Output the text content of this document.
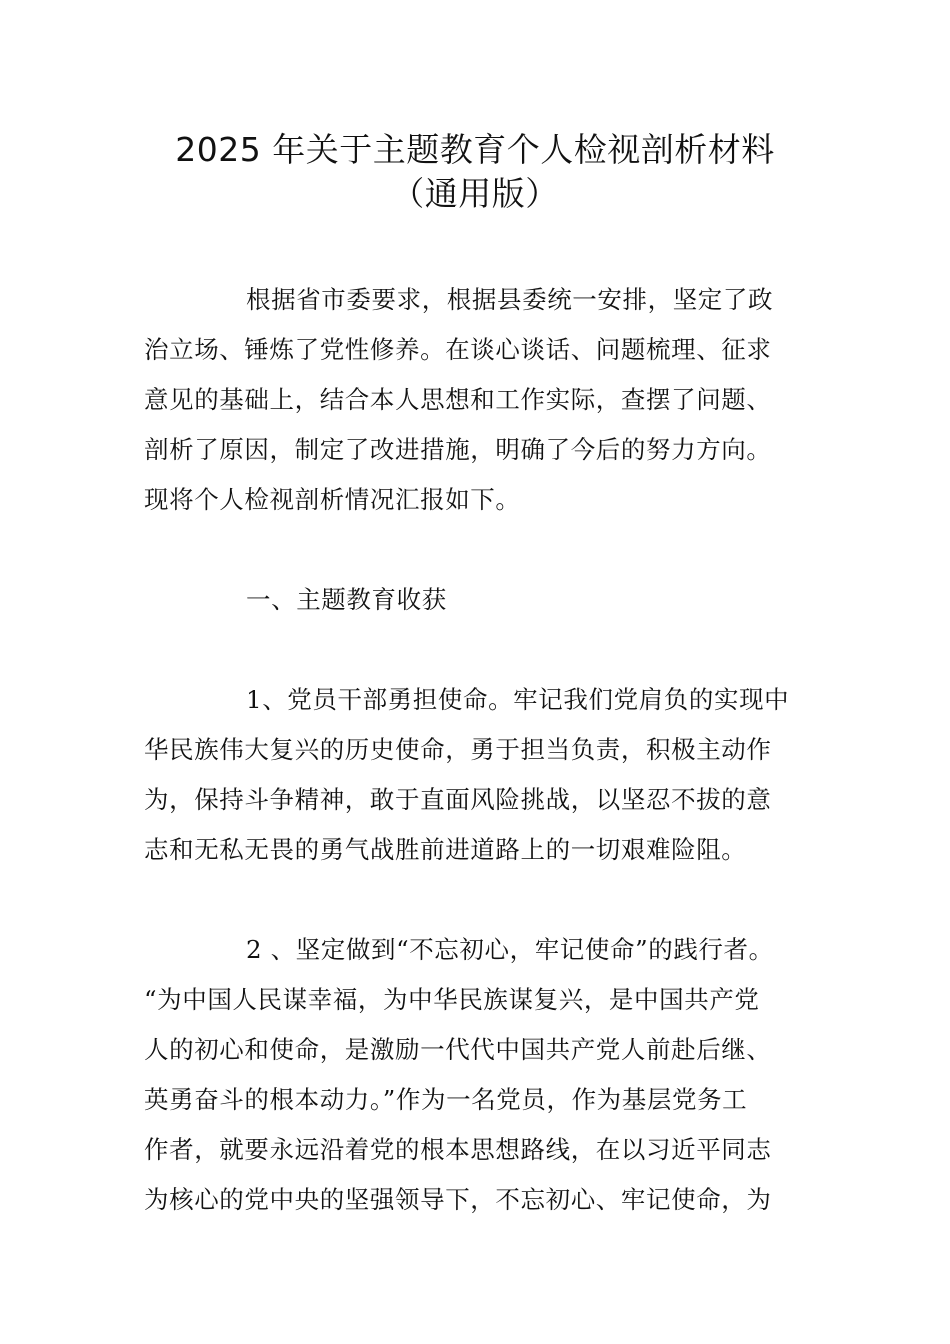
2025 年关于主题教育个人检视剖析材料
（通用版）
根据省市委要求，根据县委统一安排，坚定了政
治立场、锤炼了党性修养。在谈心谈话、问题梳理、征求
意见的基础上，结合本人思想和工作实际，查摆了问题、
剖析了原因，制定了改进措施，明确了今后的努力方向。
现将个人检视剖析情况汇报如下。
一、主题教育收获
1、党员干部勇担使命。牢记我们党肩负的实现中
华民族伟大复兴的历史使命，勇于担当负责，积极主动作
为，保持斗争精神，敢于直面风险挑战，以坚忍不拔的意
志和无私无畏的勇气战胜前进道路上的一切艰难险阻。
2 、坚定做到“不忘初心，牢记使命”的践行者。
“为中国人民谋幸福，为中华民族谋复兴，是中国共产党
人的初心和使命，是激励一代代中国共产党人前赴后继、
英勇奋斗的根本动力。”作为一名党员，作为基层党务工
作者，就要永远沿着党的根本思想路线，在以习近平同志
为核心的党中央的坚强领导下，不忘初心、牢记使命，为
